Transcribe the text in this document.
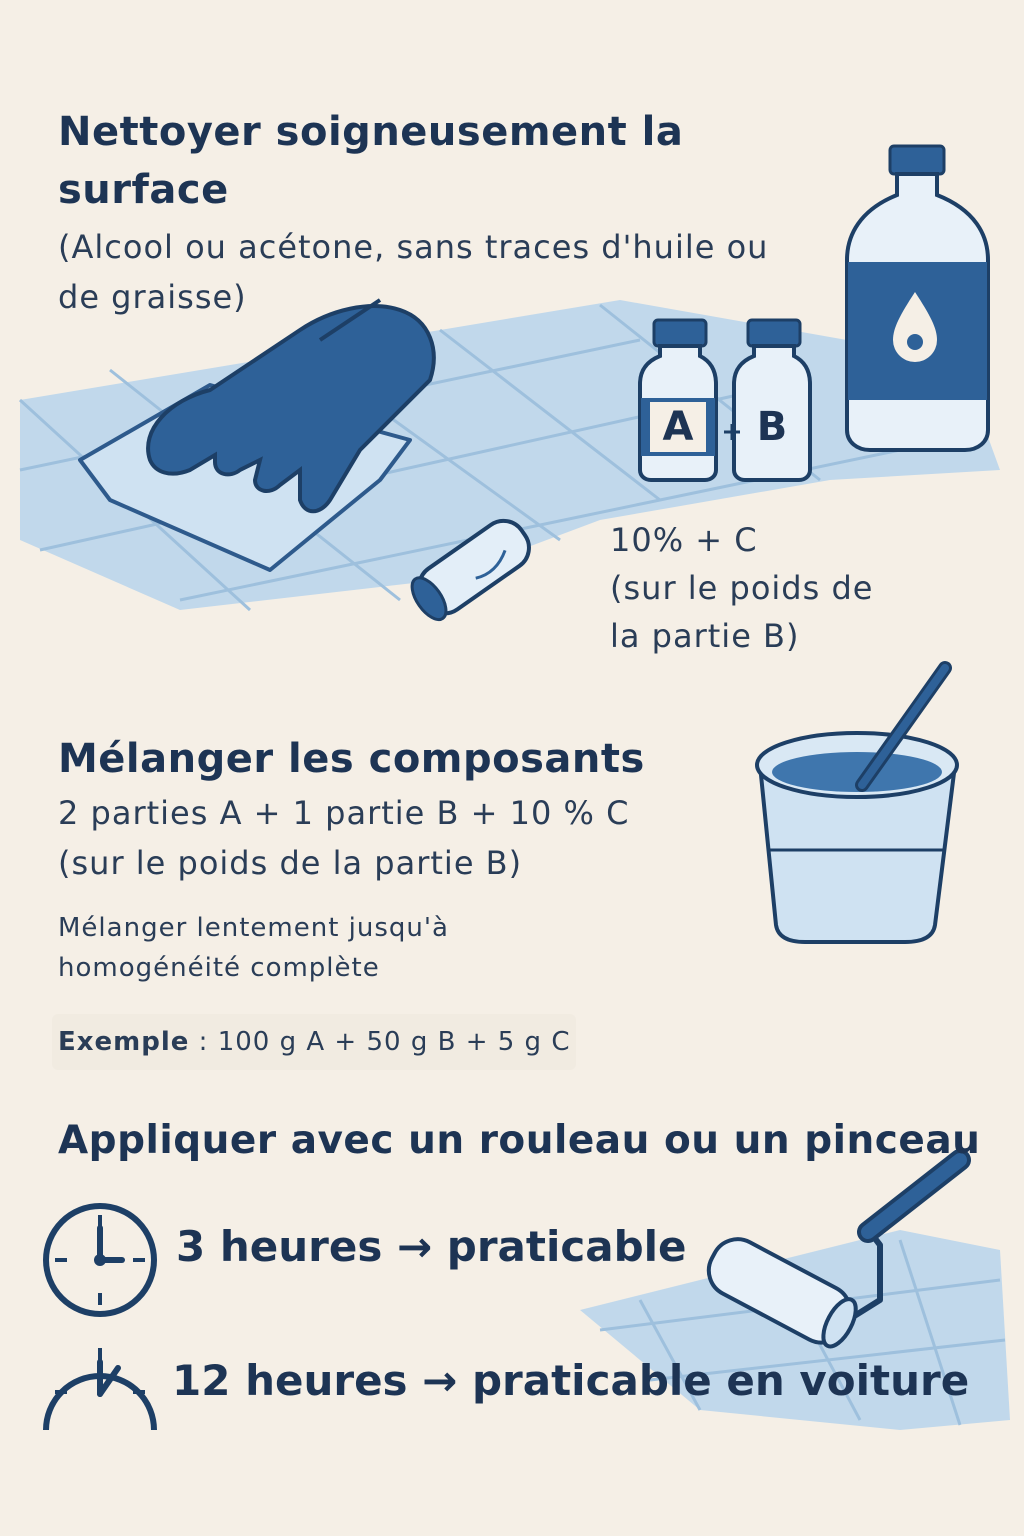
Nettoyer soigneusement la surface
(Alcool ou acétone, sans traces d'huile ou de graisse)
A	B
10% + C
(sur le poids de
la partie B)
Mélanger les composants
2 parties A + 1 partie B + 10 % C
(sur le poids de la partie B)
Mélanger lentement jusqu'à
homogénéité complète
Exemple : 100 g A + 50 g B + 5 g C
Appliquer avec un rouleau ou un pinceau
3 heures → praticable
12 heures → praticable en voiture
